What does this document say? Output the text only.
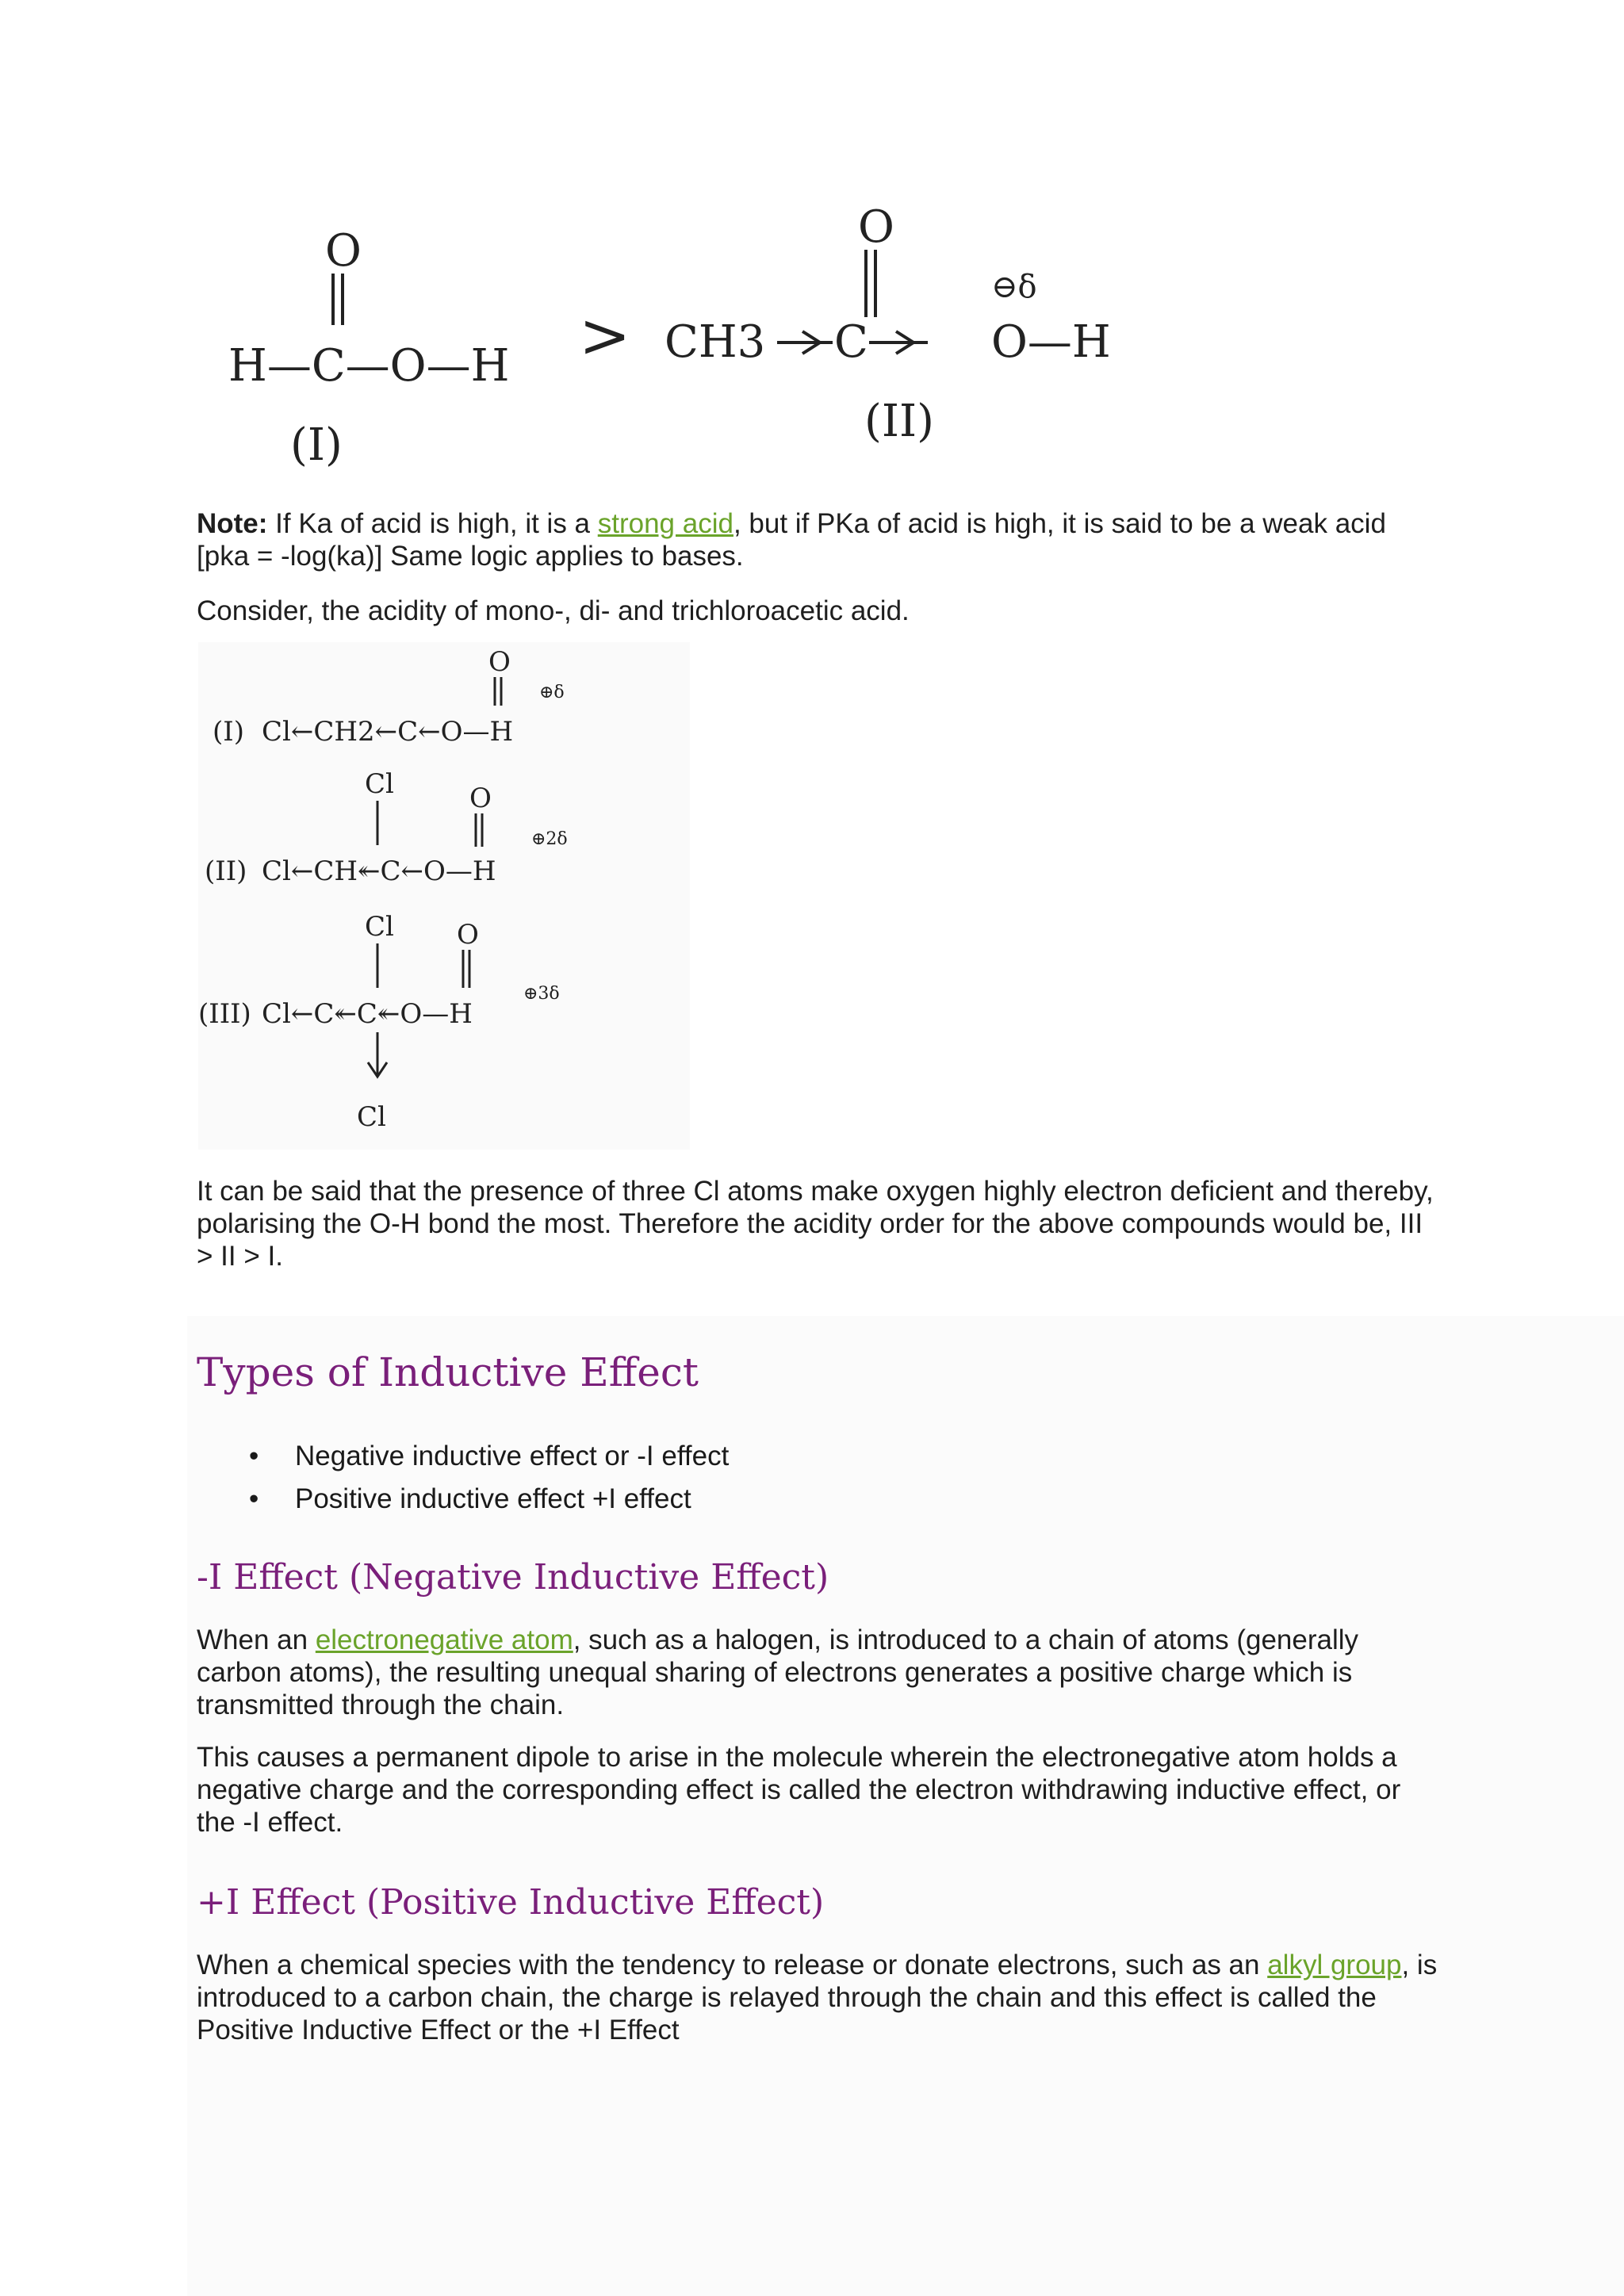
O
H—C—O—H
(I)
> CH3 C
O
⊖δ
O—H
(II)

Note: If Ka of acid is high, it is a strong acid, but if PKa of acid is high, it is said to be a weak acid [pka = -log(ka)] Same logic applies to bases.

Consider, the acidity of mono-, di- and trichloroacetic acid.

O
⊕δ
(I) Cl←CH2←C←O—H
Cl	O
⊕2δ
(II) Cl←CH↞C←O—H
Cl O
⊕3δ
(III) Cl←C↞C↞O—H
Cl

It can be said that the presence of three Cl atoms make oxygen highly electron deficient and thereby, polarising the O-H bond the most. Therefore the acidity order for the above compounds would be, III > II > I.

Types of Inductive Effect
• Negative inductive effect or -I effect
• Positive inductive effect +I effect
-I Effect (Negative Inductive Effect)

When an electronegative atom, such as a halogen, is introduced to a chain of atoms (generally carbon atoms), the resulting unequal sharing of electrons generates a positive charge which is transmitted through the chain.

This causes a permanent dipole to arise in the molecule wherein the electronegative atom holds a negative charge and the corresponding effect is called the electron withdrawing inductive effect, or the -I effect.

+I Effect (Positive Inductive Effect)

When a chemical species with the tendency to release or donate electrons, such as an alkyl group, is introduced to a carbon chain, the charge is relayed through the chain and this effect is called the Positive Inductive Effect or the +I Effect
